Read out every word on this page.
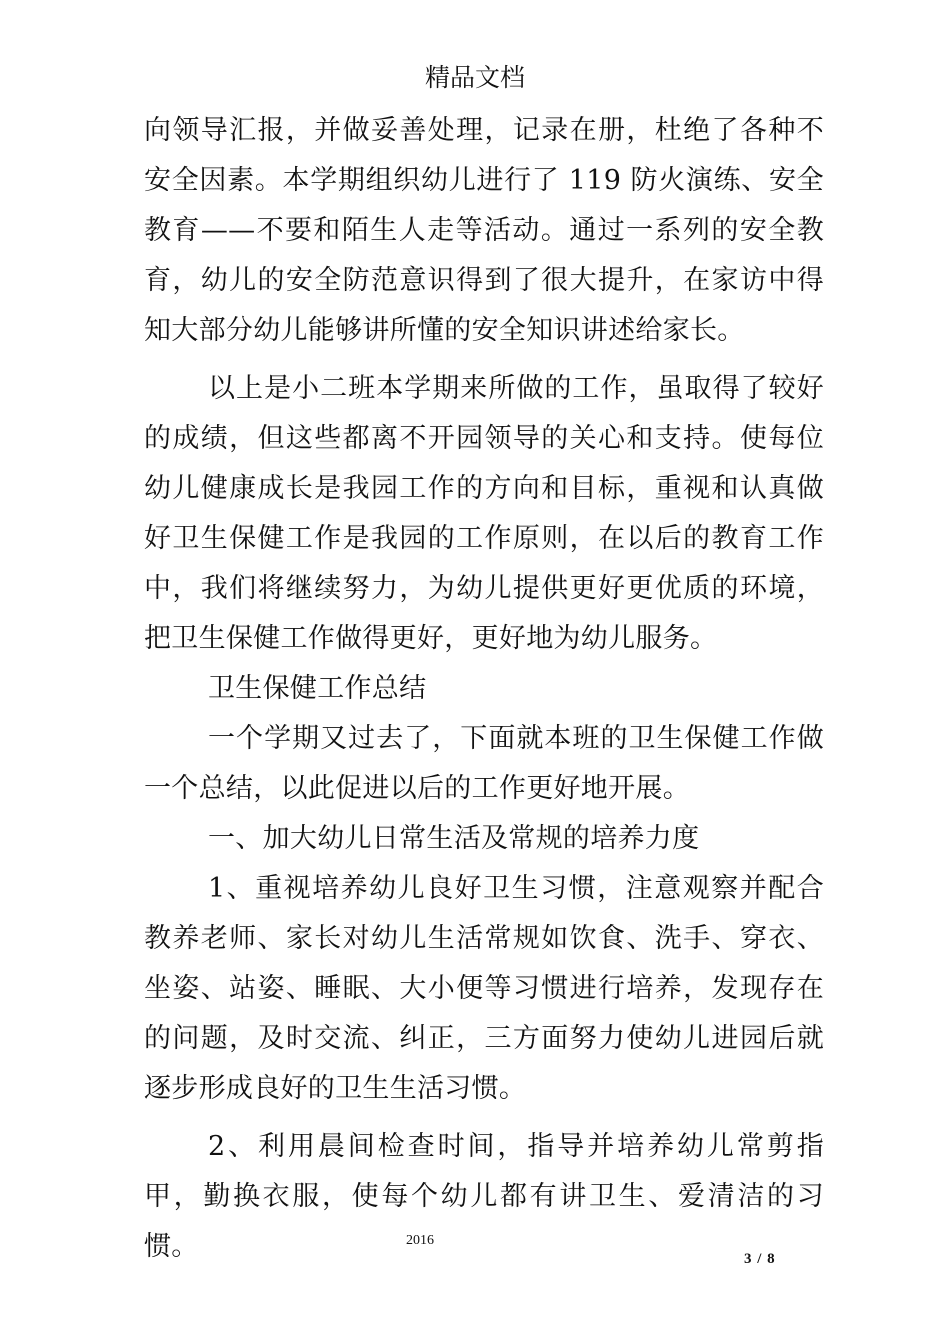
精品文档

向领导汇报，并做妥善处理，记录在册，杜绝了各种不安全因素。本学期组织幼儿进行了 119 防火演练、安全教育——不要和陌生人走等活动。通过一系列的安全教育，幼儿的安全防范意识得到了很大提升，在家访中得知大部分幼儿能够讲所懂的安全知识讲述给家长。

以上是小二班本学期来所做的工作，虽取得了较好的成绩，但这些都离不开园领导的关心和支持。使每位幼儿健康成长是我园工作的方向和目标，重视和认真做好卫生保健工作是我园的工作原则，在以后的教育工作中，我们将继续努力，为幼儿提供更好更优质的环境，把卫生保健工作做得更好，更好地为幼儿服务。

卫生保健工作总结

一个学期又过去了，下面就本班的卫生保健工作做一个总结，以此促进以后的工作更好地开展。

一、加大幼儿日常生活及常规的培养力度

1、重视培养幼儿良好卫生习惯，注意观察并配合教养老师、家长对幼儿生活常规如饮食、洗手、穿衣、坐姿、站姿、睡眠、大小便等习惯进行培养，发现存在的问题，及时交流、纠正，三方面努力使幼儿进园后就逐步形成良好的卫生生活习惯。

2、利用晨间检查时间，指导并培养幼儿常剪指甲，勤换衣服，使每个幼儿都有讲卫生、爱清洁的习惯。	2016
3 / 8
